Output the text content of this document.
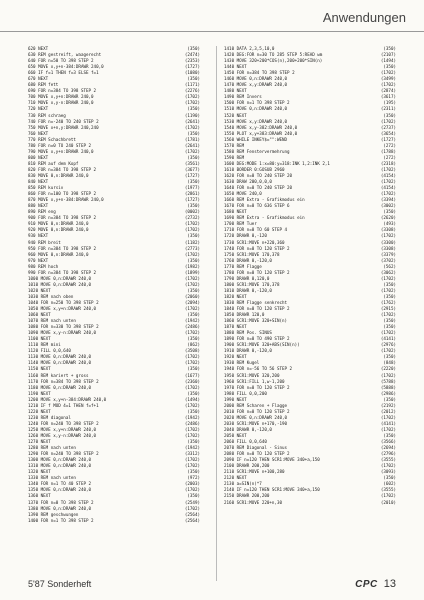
Anwendungen
620 NEXT	(350)
630 REM gestreift, waagerecht	(2474)
640 FOR n=50 TO 398 STEP 2	(2353)
650 MOVE x,y+n-384:DRAWR 240,0	(1727)
660 IF f=1 THEN f=3 ELSE f=1	(1080)
670 NEXT	(350)
680 REM fett	(1171)
690 FOR n=384 TO 398 STEP 2	(2276)
700 MOVE x,y+n:DRAWR 240,0	(1702)
710 MOVE x,y-n:DRAWR 240,0	(1702)
720 NEXT	(350)
730 REM schraeg	(1190)
740 FOR n=-240 TO 240 STEP 2	(2641)
750 MOVE x+n,y:DRAWR 240,240	(1702)
760 NEXT	(350)
770 REM Schachbrett	(1781)
780 FOR n=0 TO 240 STEP 2	(2641)
790 MOVE x,y+n:DRAWR 240,0	(1702)
800 NEXT	(350)
810 REM auf dem Kopf	(3561)
820 FOR n=384 TO 398 STEP 2	(3677)
830 MOVE 0,n:DRAWR 240,0	(1727)
840 NEXT	(350)
850 REM kursiv	(1977)
860 FOR n=100 TO 398 STEP 2	(2861)
870 MOVE x,y+n-384:DRAWR 240,0	(1727)
880 NEXT	(350)
890 REM eng	(0002)
900 FOR n=384 TO 398 STEP 2	(2732)
910 MOVE 0,n:DRAWR 240,0	(1702)
920 MOVE 0,n:DRAWR 240,0	(1702)
930 NEXT	(350)
940 REM breit	(1182)
950 FOR n=384 TO 398 STEP 2	(2773)
960 MOVE 0,n:DRAWR 240,0	(1702)
970 NEXT	(350)
980 REM hoch	(1982)
990 FOR n=384 TO 398 STEP 2	(1899)
1000 MOVE 0,n:DRAWR 240,0	(1702)
1010 MOVE 0,n:DRAWR 240,0	(1702)
1020 NEXT	(350)
1030 REM nach oben	(2060)
1040 FOR n=250 TO 398 STEP 2	(2094)
1050 MOVE x,y+n:DRAWR 240,0	(1702)
1060 NEXT	(350)
1070 REM nach unten	(1942)
1080 FOR n=330 TO 398 STEP 2	(2486)
1090 MOVE x,y-n:DRAWR 240,0	(1702)
1100 NEXT	(350)
1110 REM mini	(862)
1120 FILL 0,0,640	(3508)
1130 MOVE 0,n:DRAWR 240,0	(1702)
1140 MOVE 0,n:DRAWR 240,0	(1702)
1150 NEXT	(350)
1160 REM kariert + gross	(1677)
1170 FOR n=384 TO 398 STEP 2	(2360)
1180 MOVE 0,n:DRAWR 240,0	(1702)
1190 NEXT	(350)
1200 MOVE x,y+n-384:DRAWR 240,0	(1494)
1210 IF f MOD 4=1 THEN f=f+1	(1702)
1220 NEXT	(350)
1230 REM diagonal	(1942)
1240 FOR n=240 TO 398 STEP 2	(2486)
1250 MOVE x,y+n:DRAWR 240,0	(1702)
1260 MOVE x,y-n:DRAWR 240,0	(1702)
1270 NEXT	(350)
1280 REM nach unten	(1942)
1290 FOR n=240 TO 398 STEP 2	(3312)
1300 MOVE 0,n:DRAWR 240,0	(1702)
1310 MOVE 0,n:DRAWR 240,0	(1702)
1320 NEXT	(350)
1330 REM nach unten	(972)
1340 FOR n=1 TO 40 STEP 2	(2003)
1350 MOVE 0,n:DRAWR 240,0	(1702)
1360 NEXT	(350)
1370 FOR n=0 TO 398 STEP 2	(2549)
1380 MOVE 0,n:DRAWR 240,0	(1702)
1390 REM geschwungen	(2564)
1400 FOR n=1 TO 398 STEP 2	(2564)
1410 DATA 2,3,5,10,0	(350)
1420 DEG:FOR n=30 TO 285 STEP 5:READ wm	(2107)
1430 MOVE 320+200*COS(n),200+200*SIN(n)	(1494)
1440 NEXT	(350)
1450 FOR n=384 TO 398 STEP 2	(1702)
1460 MOVE 0,n:DRAWR 240,0	(3499)
1470 MOVE x,y:DRAWR 240,0	(1702)
1480 NEXT	(2874)
1490 REM Invers	(3617)
1500 FOR n=1 TO 398 STEP 2	(195)
1510 MOVE 0,n:DRAWR 240,0	(2311)
1520 NEXT	(350)
1530 MOVE x,y:DRAWR 240,0	(1702)
1540 MOVE x,y-382:DRAWR 240,0	(2737)
1550 PLOT x,y+383:DRAWR 240,0	(3654)
1560 WHILE INKEY$="":WEND	(1727)
1570 REM	(272)
1580 REM Fenstervermehrung	(1788)
1590 REM	(272)
1600 DEG:MODE 1:x=80:y=318:INK 1,2:INK 2,1	(2318)
1610 BORDER 0:GOSUB 2960	(1702)
1620 FOR n=0 TO 240 STEP 20	(4154)
1630 DRAW 200,0,0,0	(1702)
1640 FOR n=0 TO 240 STEP 20	(4154)
1650 MOVE 240,0	(1702)
1660 REM Extra - Grafikmodus ein	(3394)
1670 FOR n=0 TO 636 STEP 6	(3002)
1680 NEXT	(350)
1690 REM Extra - Grafikmodus ein	(2620)
1700 REM Tuer	(493)
1710 FOR n=0 TO 60 STEP 4	(3308)
1720 DRAWR 0,-120	(1702)
1730 SCR1:MOVE n+220,360	(3300)
1740 FOR n=0 TO 120 STEP 2	(3308)
1750 SCR1:MOVE 170,378	(3379)
1760 DRAWR 0,-120,0	(3702)
1770 REM Flagge	(562)
1780 FOR n=0 TO 120 STEP 2	(3062)
1790 DRAWR 0,120,0	(1702)
1800 SCR1:MOVE 170,378	(350)
1810 DRAWR 0,-120,0	(1702)
1820 NEXT	(350)
1830 REM Flagge senkrecht	(1762)
1840 FOR n=0 TO 120 STEP 2	(2915)
1850 DRAWR 120,0	(1702)
1860 SCR1:MOVE 320+SIN(n)	(350)
1870 NEXT	(350)
1880 REM Pos. SINUS	(1702)
1890 FOR n=0 TO 490 STEP 2	(4141)
1900 SCR1:MOVE 320+ABS(SIN(n))	(2976)
1910 DRAWR 0,-120,0	(1702)
1920 NEXT	(350)
1930 REM Kugel	(848)
1940 FOR n=-56 TO 56 STEP 2	(2220)
1950 SCR1:MOVE 320,200	(1702)
1960 SCR1:FILL 1,w-1,200	(5788)
1970 FOR n=0 TO 120 STEP 2	(5888)
1980 FILL 0,0,200	(2986)
1990 NEXT	(350)
2000 REM Scharen + Flagge	(2192)
2010 FOR n=0 TO 120 STEP 2	(2012)
2020 MOVE 0,n:DRAWR 240,0	(1702)
2030 SCR1:MOVE n+170,-190	(4141)
2040 DRAWR 0,-120,0	(1702)
2050 NEXT	(350)
2060 FILL 0,0,640	(3566)
2070 REM Diagonal - Sinus	(2694)
2080 FOR n=0 TO 120 STEP 2	(2796)
2090 IF n=120 THEN SCR1:MOVE 340+a,150	(3555)
2100 DRAWR 200,200	(1702)
2110 SCR1:MOVE n+100,280	(3093)
2120 NEXT	(350)
2130 a=SIN(n)*7	(602)
2140 IF n=120 THEN SCR1:MOVE 340+a,150	(3555)
2150 DRAWR 200,200	(1702)
2160 SCR1:MOVE 220+n,30	(2010)
5'87 Sonderheft	CPC 13
